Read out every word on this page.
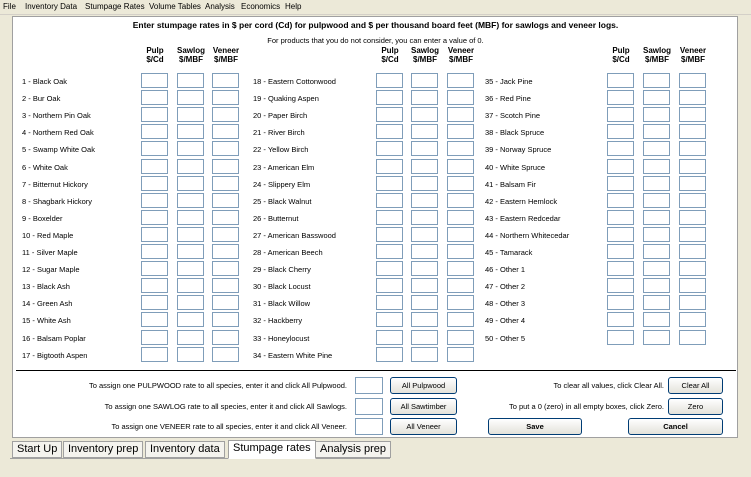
File Inventory Data Stumpage Rates Volume Tables Analysis Economics Help
Enter stumpage rates in $ per cord (Cd) for pulpwood and $ per thousand board feet (MBF) for sawlogs and veneer logs.
For products that you do not consider, you can enter a value of 0.
Pulp
$/Cd
Sawlog
$/MBF
Veneer
$/MBF
1 - Black Oak
2 - Bur Oak
3 - Northern Pin Oak
4 - Northern Red Oak
5 - Swamp White Oak
6 - White Oak
7 - Bitternut Hickory
8 - Shagbark Hickory
9 - Boxelder
10 - Red Maple
11 - Silver Maple
12 - Sugar Maple
13 - Black Ash
14 - Green Ash
15 - White Ash
16 - Balsam Poplar
17 - Bigtooth Aspen
Pulp
$/Cd
Sawlog
$/MBF
Veneer
$/MBF
18 - Eastern Cottonwood
19 - Quaking Aspen
20 - Paper Birch
21 - River Birch
22 - Yellow Birch
23 - American Elm
24 - Slippery Elm
25 - Black Walnut
26 - Butternut
27 - American Basswood
28 - American Beech
29 - Black Cherry
30 - Black Locust
31 - Black Willow
32 - Hackberry
33 - Honeylocust
34 - Eastern White Pine
Pulp
$/Cd
Sawlog
$/MBF
Veneer
$/MBF
35 - Jack Pine
36 - Red Pine
37 - Scotch Pine
38 - Black Spruce
39 - Norway Spruce
40 - White Spruce
41 - Balsam Fir
42 - Eastern Hemlock
43 - Eastern Redcedar
44 - Northern Whitecedar
45 - Tamarack
46 - Other 1
47 - Other 2
48 - Other 3
49 - Other 4
50 - Other 5
To assign one PULPWOOD rate to all species, enter it and click All Pulpwood.	All Pulpwood
To assign one SAWLOG rate to all species, enter it and click All Sawlogs.	All Sawtimber
To assign one VENEER rate to all species, enter it and click All Veneer.	All Veneer
To clear all values, click Clear All.	Clear All
To put a 0 (zero) in all empty boxes, click Zero.	Zero
Save	Cancel
Start Up Inventory prep	Inventory data	Stumpage rates Analysis prep
